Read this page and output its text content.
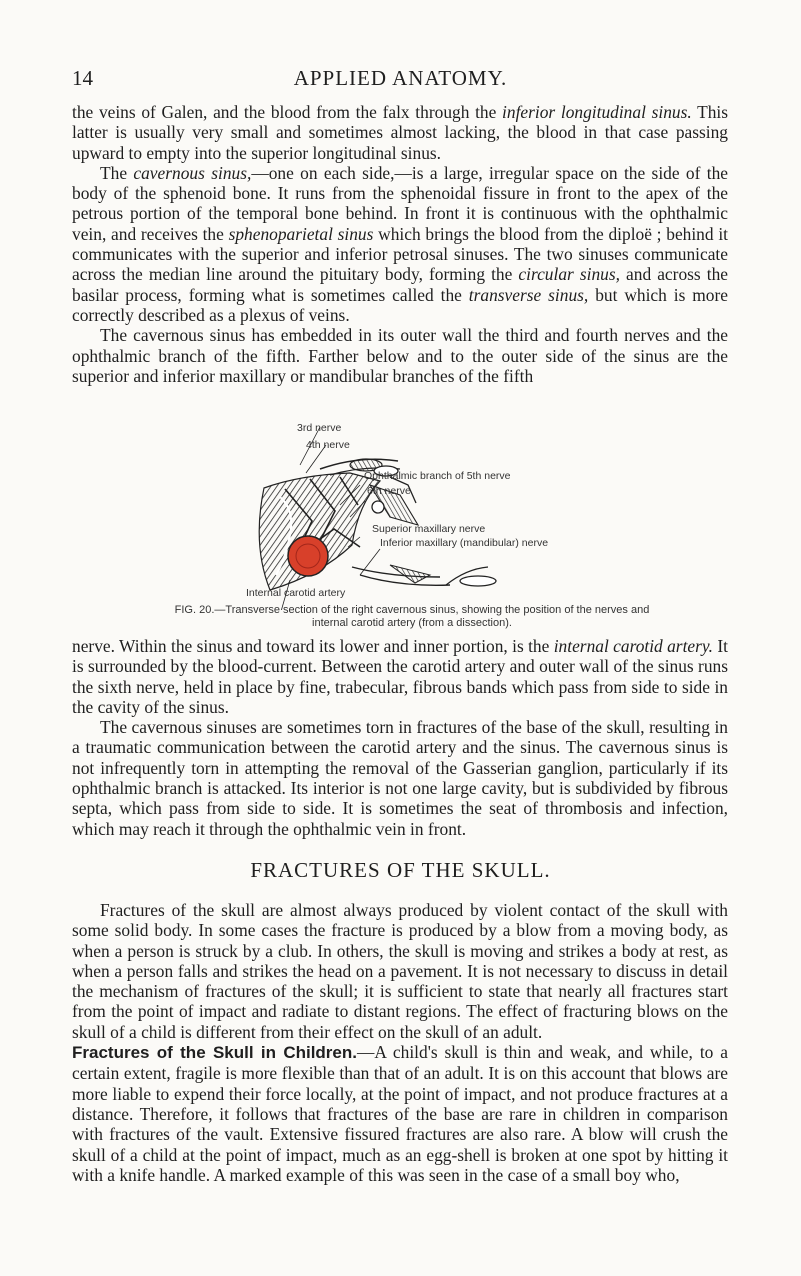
14	APPLIED ANATOMY.

the veins of Galen, and the blood from the falx through the inferior longitudinal sinus. This latter is usually very small and sometimes almost lacking, the blood in that case passing upward to empty into the superior longitudinal sinus.

The cavernous sinus,—one on each side,—is a large, irregular space on the side of the body of the sphenoid bone. It runs from the sphenoidal fissure in front to the apex of the petrous portion of the temporal bone behind. In front it is continuous with the ophthalmic vein, and receives the sphenoparietal sinus which brings the blood from the diploë ; behind it communicates with the superior and inferior petrosal sinuses. The two sinuses communicate across the median line around the pituitary body, forming the circular sinus, and across the basilar process, forming what is sometimes called the transverse sinus, but which is more correctly described as a plexus of veins.

The cavernous sinus has embedded in its outer wall the third and fourth nerves and the ophthalmic branch of the fifth. Farther below and to the outer side of the sinus are the superior and inferior maxillary or mandibular branches of the fifth

3rd nerve
4th nerve
Ophthalmic branch of 5th nerve
6th nerve
Superior maxillary nerve
Inferior maxillary (mandibular) nerve
Internal carotid artery
FIG. 20.—Transverse section of the right cavernous sinus, showing the position of the nerves and
internal carotid artery (from a dissection).

nerve. Within the sinus and toward its lower and inner portion, is the internal carotid artery. It is surrounded by the blood-current. Between the carotid artery and outer wall of the sinus runs the sixth nerve, held in place by fine, trabecular, fibrous bands which pass from side to side in the cavity of the sinus.

The cavernous sinuses are sometimes torn in fractures of the base of the skull, resulting in a traumatic communication between the carotid artery and the sinus. The cavernous sinus is not infrequently torn in attempting the removal of the Gasserian ganglion, particularly if its ophthalmic branch is attacked. Its interior is not one large cavity, but is subdivided by fibrous septa, which pass from side to side. It is sometimes the seat of thrombosis and infection, which may reach it through the ophthalmic vein in front.

FRACTURES OF THE SKULL.

Fractures of the skull are almost always produced by violent contact of the skull with some solid body. In some cases the fracture is produced by a blow from a moving body, as when a person is struck by a club. In others, the skull is moving and strikes a body at rest, as when a person falls and strikes the head on a pavement. It is not necessary to discuss in detail the mechanism of fractures of the skull; it is sufficient to state that nearly all fractures start from the point of impact and radiate to distant regions. The effect of fracturing blows on the skull of a child is different from their effect on the skull of an adult.

Fractures of the Skull in Children.—A child's skull is thin and weak, and while, to a certain extent, fragile is more flexible than that of an adult. It is on this account that blows are more liable to expend their force locally, at the point of impact, and not produce fractures at a distance. Therefore, it follows that fractures of the base are rare in children in comparison with fractures of the vault. Extensive fissured fractures are also rare. A blow will crush the skull of a child at the point of impact, much as an egg-shell is broken at one spot by hitting it with a knife handle. A marked example of this was seen in the case of a small boy who,
